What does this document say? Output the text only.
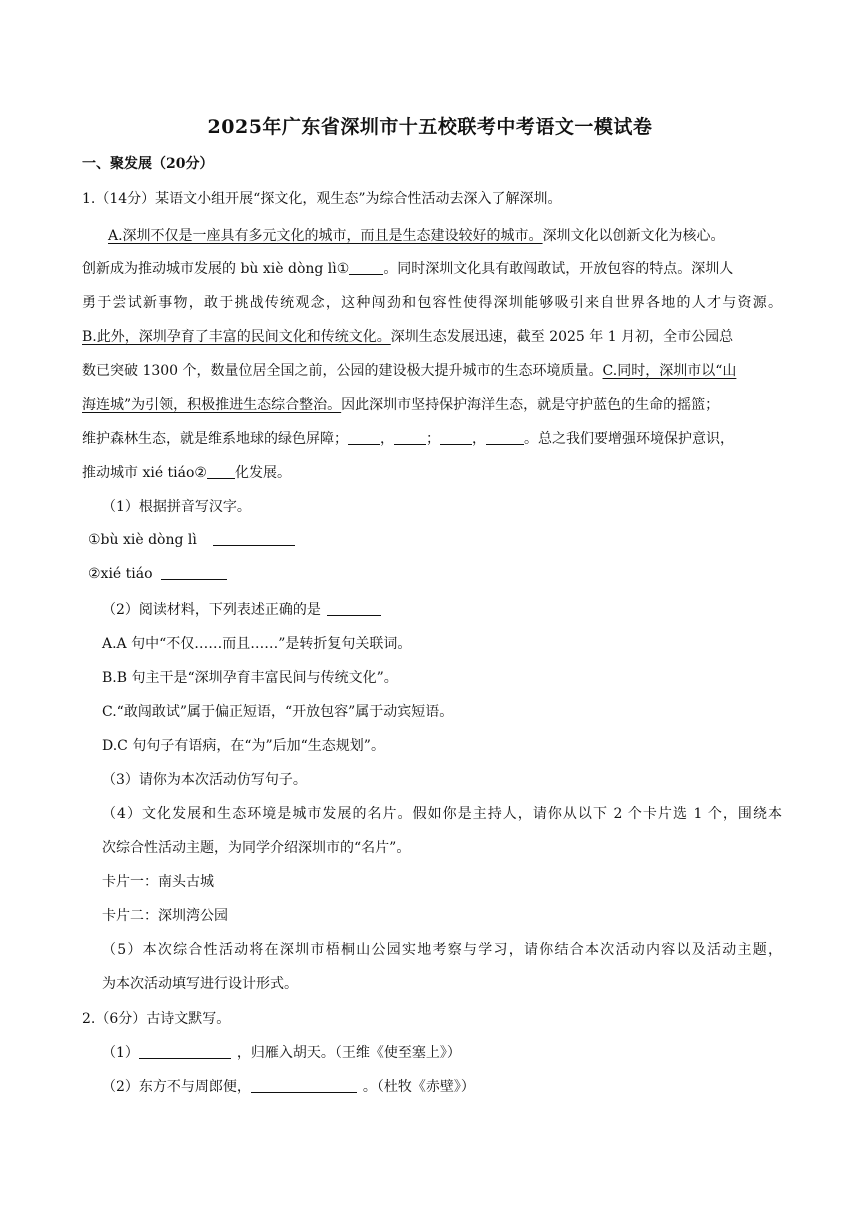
2025年广东省深圳市十五校联考中考语文一模试卷
一、聚发展（20分）
1.（14分）某语文小组开展“探文化，观生态”为综合性活动去深入了解深圳。
A.深圳不仅是一座具有多元文化的城市，而且是生态建设较好的城市。深圳文化以创新文化为核心。
创新成为推动城市发展的 bù xiè dòng lì① 。同时深圳文化具有敢闯敢试，开放包容的特点。深圳人
勇于尝试新事物，敢于挑战传统观念，这种闯劲和包容性使得深圳能够吸引来自世界各地的人才与资源。
B.此外，深圳孕育了丰富的民间文化和传统文化。深圳生态发展迅速，截至 2025 年 1 月初，全市公园总
数已突破 1300 个，数量位居全国之前，公园的建设极大提升城市的生态环境质量。C.同时，深圳市以“山
海连城”为引领，积极推进生态综合整治。因此深圳市坚持保护海洋生态，就是守护蓝色的生命的摇篮；
维护森林生态，就是维系地球的绿色屏障； ， ； ，	。总之我们要增强环境保护意识，
推动城市 xié tiáo② 化发展。
（1）根据拼音写汉字。
①bù xiè dòng lì
②xié tiáo
（2）阅读材料，下列表述正确的是
A.A 句中“不仅……而且……”是转折复句关联词。
B.B 句主干是“深圳孕育丰富民间与传统文化”。
C.“敢闯敢试”属于偏正短语，“开放包容”属于动宾短语。
D.C 句句子有语病，在“为”后加“生态规划”。
（3）请你为本次活动仿写句子。
（4）文化发展和生态环境是城市发展的名片。假如你是主持人，请你从以下 2 个卡片选 1 个，围绕本
次综合性活动主题，为同学介绍深圳市的“名片”。
卡片一：南头古城
卡片二：深圳湾公园
（5）本次综合性活动将在深圳市梧桐山公园实地考察与学习，请你结合本次活动内容以及活动主题，
为本次活动填写进行设计形式。
2.（6分）古诗文默写。
（1）	，归雁入胡天。（王维《使至塞上》）
（2）东方不与周郎便，	。（杜牧《赤壁》）
